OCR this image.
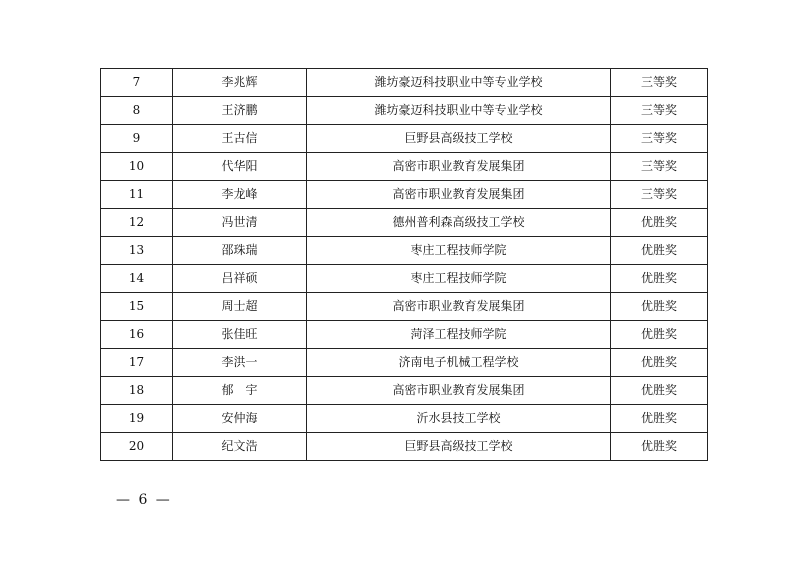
7	李兆辉	潍坊豪迈科技职业中等专业学校	三等奖
8	王济鹏	潍坊豪迈科技职业中等专业学校	三等奖
9	王古信	巨野县高级技工学校	三等奖
10	代华阳	高密市职业教育发展集团	三等奖
11	李龙峰	高密市职业教育发展集团	三等奖
12	冯世清	德州普利森高级技工学校	优胜奖
13	邵珠瑞	枣庄工程技师学院	优胜奖
14	吕祥硕	枣庄工程技师学院	优胜奖
15	周士超	高密市职业教育发展集团	优胜奖
16	张佳旺	菏泽工程技师学院	优胜奖
17	李洪一	济南电子机械工程学校	优胜奖
18	郁　宇	高密市职业教育发展集团	优胜奖
19	安仲海	沂水县技工学校	优胜奖
20	纪文浩	巨野县高级技工学校	优胜奖
— 6 —
